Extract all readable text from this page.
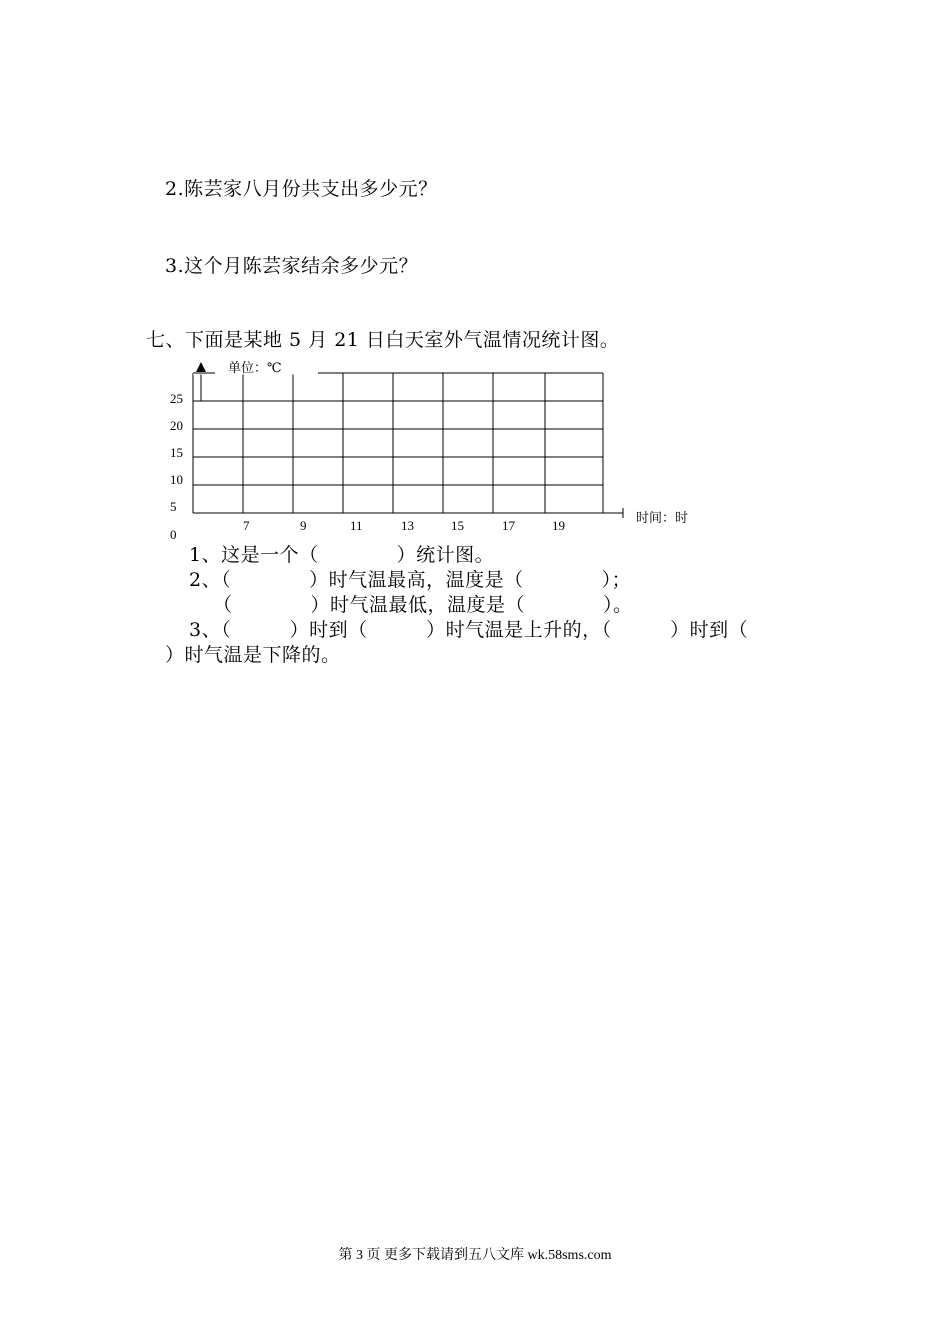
2.陈芸家八月份共支出多少元？
3.这个月陈芸家结余多少元？
七、下面是某地 5 月 21 日白天室外气温情况统计图。
单位：℃
时间：时
25
20
15
10
5
0
7	9	11	13	15	17	19
1、这是一个（　　　　）统计图。
2、（　　　　）时气温最高，温度是（　　　　）；
（　　　　）时气温最低，温度是（　　　　）。
3、（　　　）时到（　　　）时气温是上升的，（　　　）时到（
）时气温是下降的。
第 3 页 更多下载请到五八文库 wk.58sms.com
